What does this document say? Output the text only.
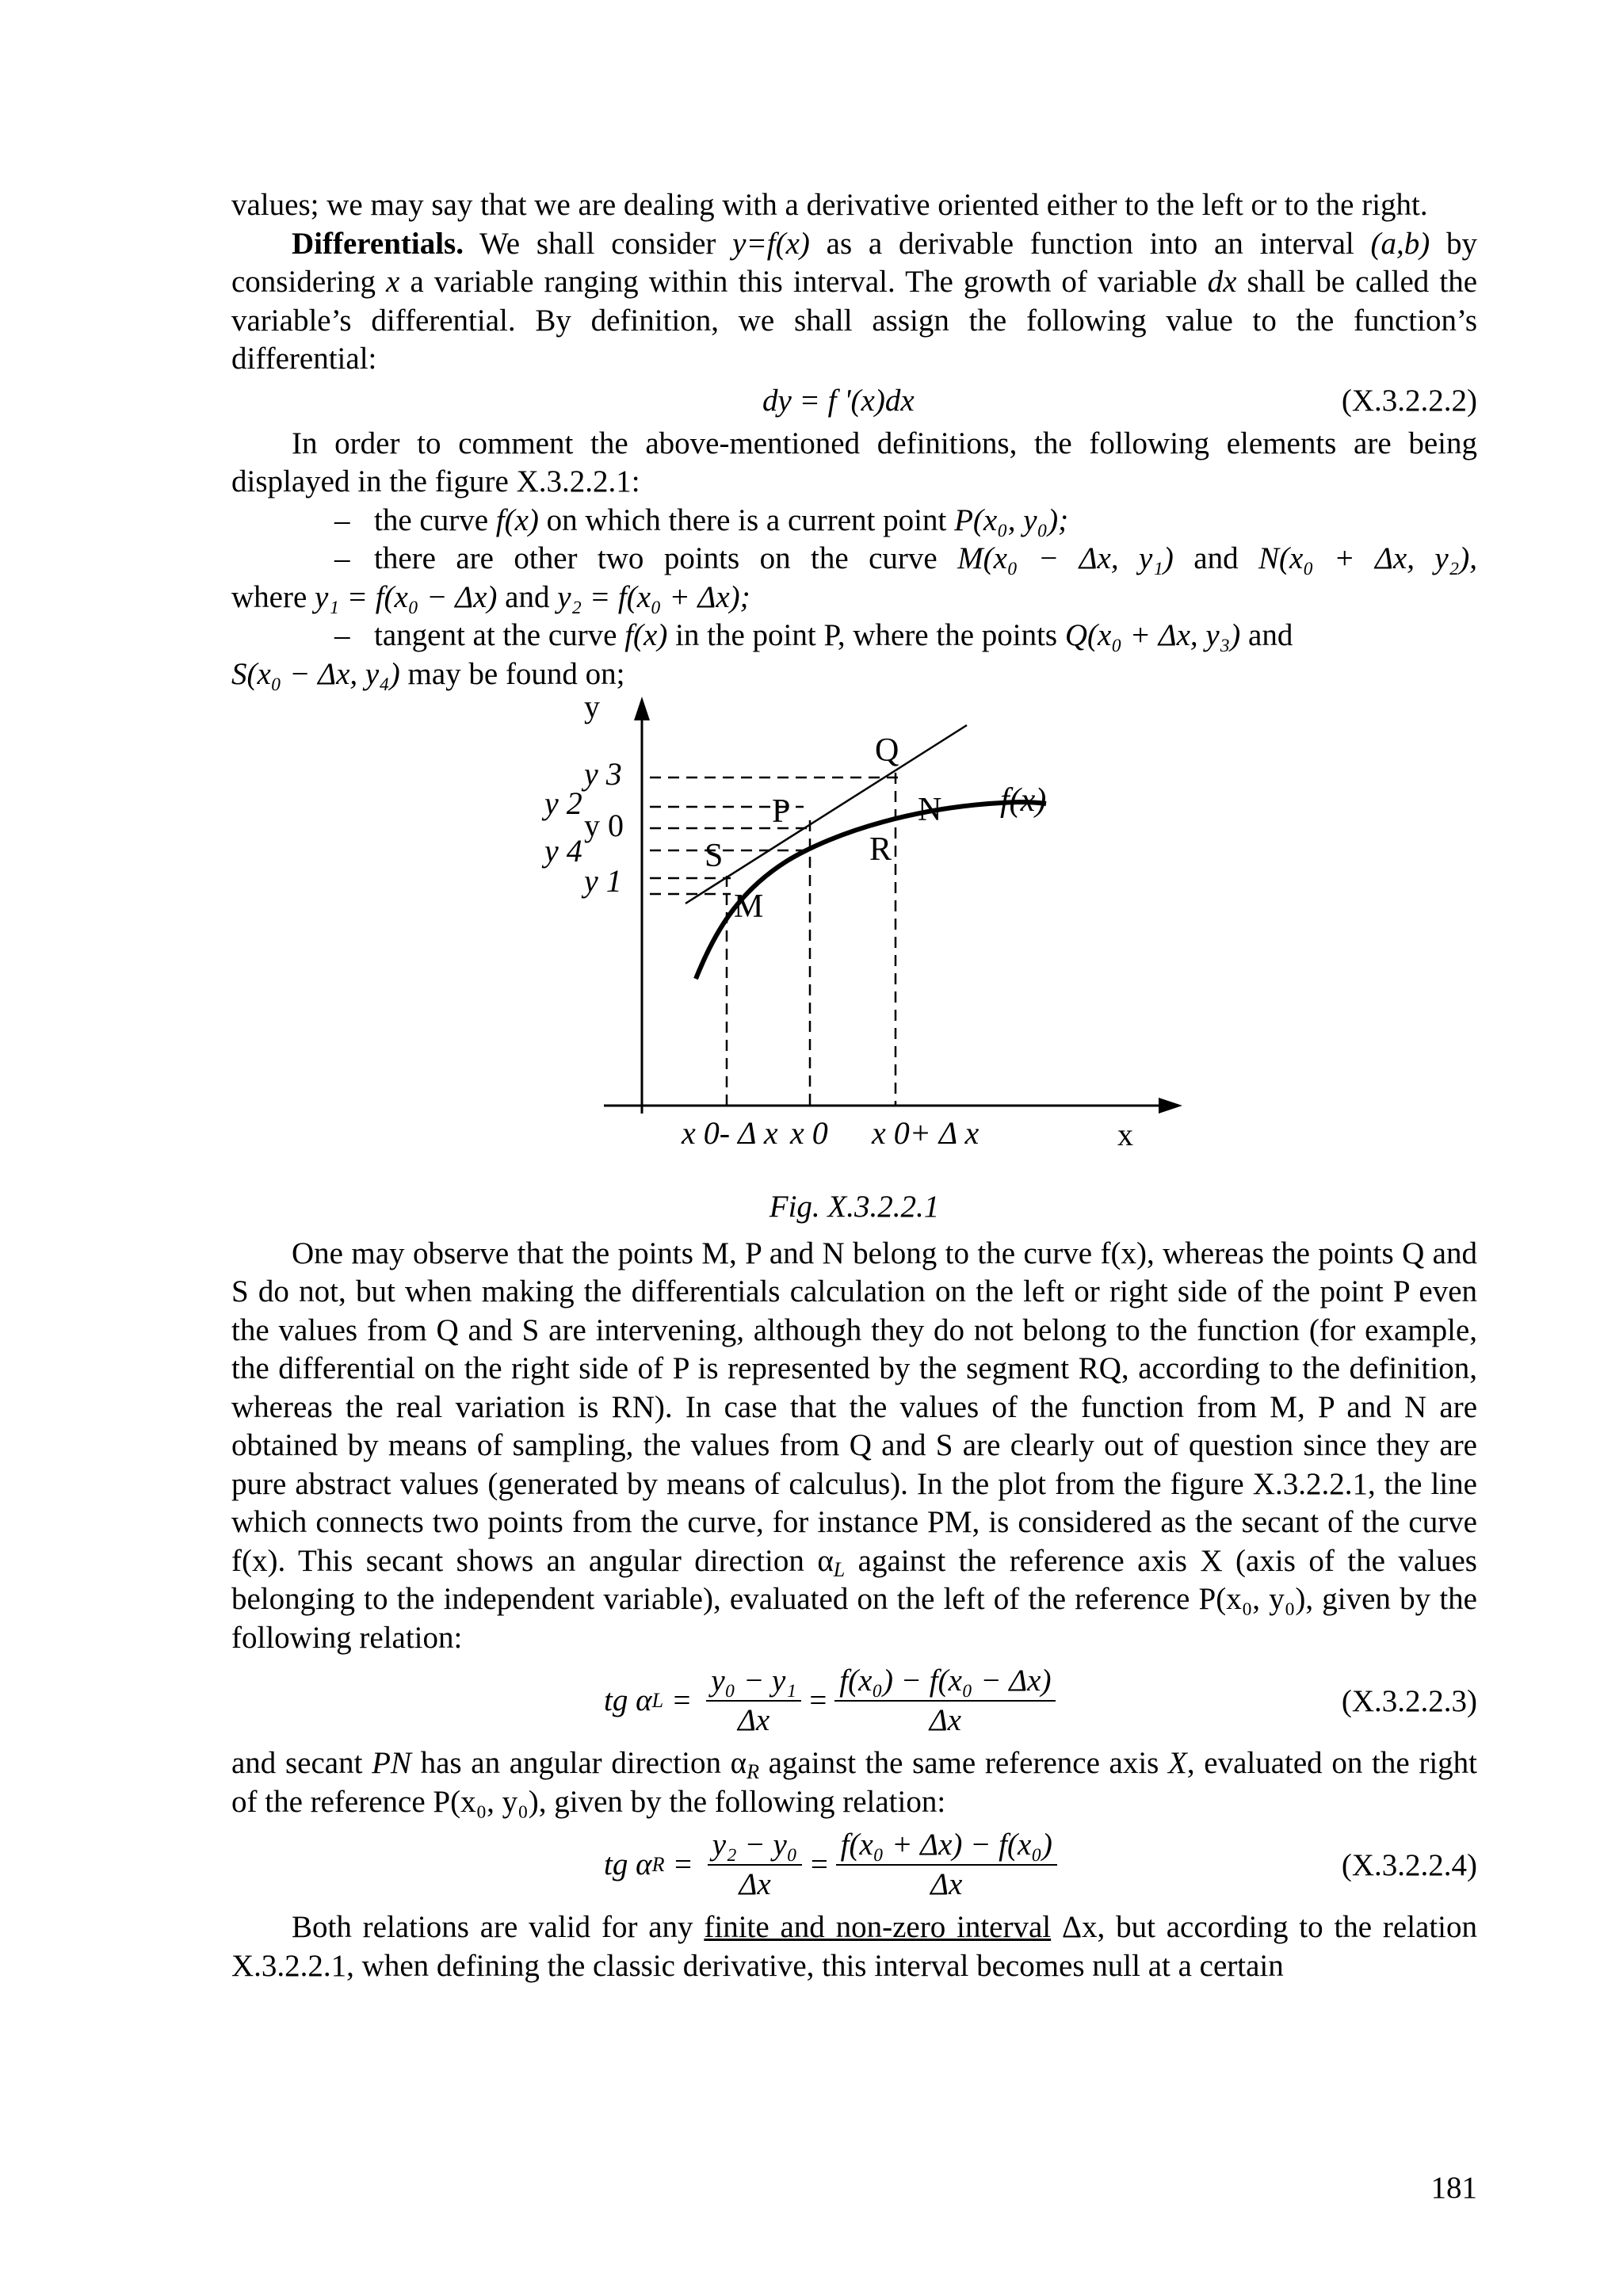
values; we may say that we are dealing with a derivative oriented either to the left or to the right.

Differentials. We shall consider y=f(x) as a derivable function into an interval (a,b) by considering x a variable ranging within this interval. The growth of variable dx shall be called the variable’s differential. By definition, we shall assign the following value to the function’s differential:

dy = f ʹ(x)dx	(X.3.2.2.2)

In order to comment the above-mentioned definitions, the following elements are being displayed in the figure X.3.2.2.1:

– the curve f(x) on which there is a current point P(x₀, y₀);

– there are other two points on the curve M(x₀ − Δx, y₁) and N(x₀ + Δx, y₂),

where y₁ = f(x₀ − Δx) and y₂ = f(x₀ + Δx);

– tangent at the curve f(x) in the point P, where the points Q(x₀ + Δx, y₃) and

S(x₀ − Δx, y₄) may be found on;

y
x
y 3
y 2
y 0
y 4
y 1
Q
P	N
R
S
M
f(x)
x 0- Δ x x 0 x 0+ Δ x

Fig. X.3.2.2.1

One may observe that the points M, P and N belong to the curve f(x), whereas the points Q and S do not, but when making the differentials calculation on the left or right side of the point P even the values from Q and S are intervening, although they do not belong to the function (for example, the differential on the right side of P is represented by the segment RQ, according to the definition, whereas the real variation is RN). In case that the values of the function from M, P and N are obtained by means of sampling, the values from Q and S are clearly out of question since they are pure abstract values (generated by means of calculus). In the plot from the figure X.3.2.2.1, the line which connects two points from the curve, for instance PM, is considered as the secant of the curve f(x). This secant shows an angular direction $\alpha_L$ against the reference axis X (axis of the values belonging to the independent variable), evaluated on the left of the reference P(x₀, y₀), given by the following relation:

tg α $L = \frac{\text{y₀ − y₁}}{\Delta x} = \frac{\text{f(x₀) − f(x₀ − Δx)}}{\Delta x}$	(X.3.2.2.3)

and secant PN has an angular direction $\alpha_R$ against the same reference axis X, evaluated on the right of the reference P(x₀, y₀), given by the following relation:

tg α $R = \frac{\text{y₂ − y₀}}{\Delta x} = \frac{\text{f(x₀ + Δx) − f(x₀)}}{\Delta x}$	(X.3.2.2.4)

Both relations are valid for any finite and non-zero interval Δx, but according to the relation X.3.2.2.1, when defining the classic derivative, this interval becomes null at a certain

181
